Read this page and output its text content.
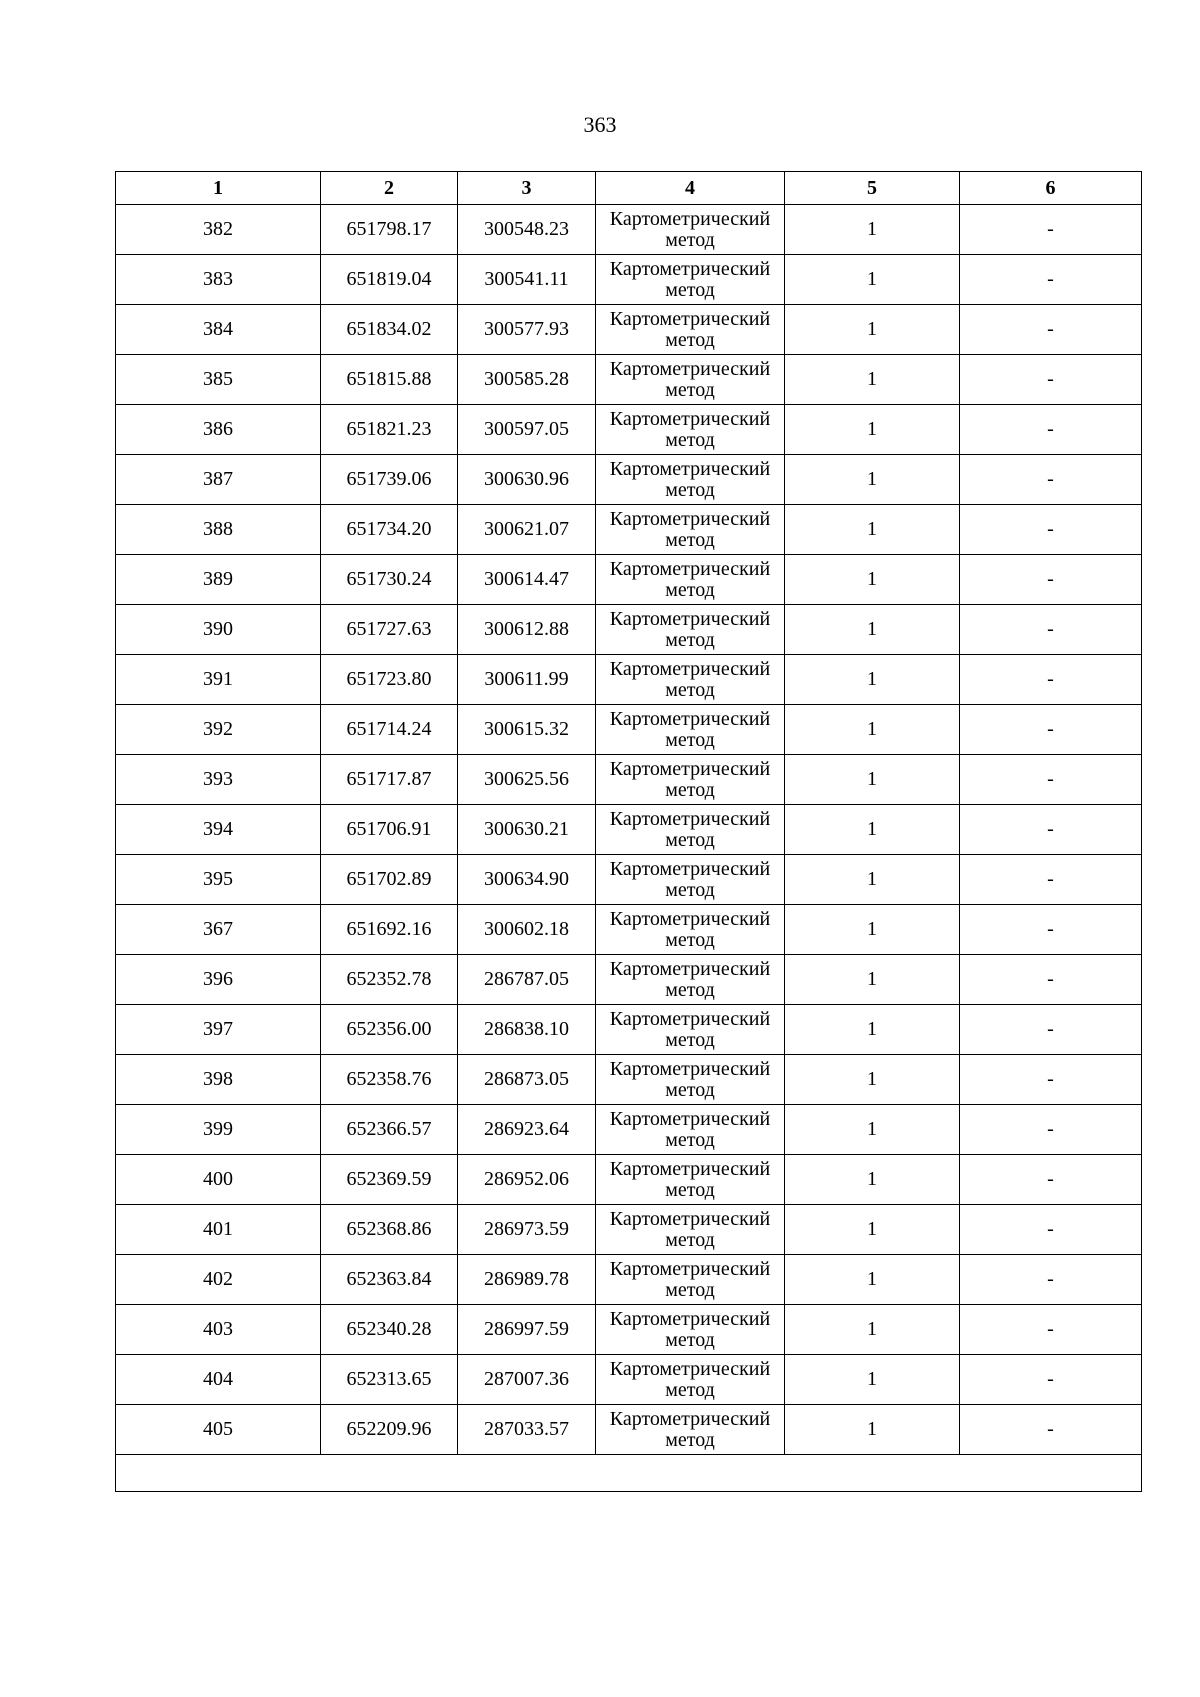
363
1	2	3	4	5	6
382	651798.17	300548.23	Картометрический метод	1	-
383	651819.04	300541.11	Картометрический метод	1	-
384	651834.02	300577.93	Картометрический метод	1	-
385	651815.88	300585.28	Картометрический метод	1	-
386	651821.23	300597.05	Картометрический метод	1	-
387	651739.06	300630.96	Картометрический метод	1	-
388	651734.20	300621.07	Картометрический метод	1	-
389	651730.24	300614.47	Картометрический метод	1	-
390	651727.63	300612.88	Картометрический метод	1	-
391	651723.80	300611.99	Картометрический метод	1	-
392	651714.24	300615.32	Картометрический метод	1	-
393	651717.87	300625.56	Картометрический метод	1	-
394	651706.91	300630.21	Картометрический метод	1	-
395	651702.89	300634.90	Картометрический метод	1	-
367	651692.16	300602.18	Картометрический метод	1	-
396	652352.78	286787.05	Картометрический метод	1	-
397	652356.00	286838.10	Картометрический метод	1	-
398	652358.76	286873.05	Картометрический метод	1	-
399	652366.57	286923.64	Картометрический метод	1	-
400	652369.59	286952.06	Картометрический метод	1	-
401	652368.86	286973.59	Картометрический метод	1	-
402	652363.84	286989.78	Картометрический метод	1	-
403	652340.28	286997.59	Картометрический метод	1	-
404	652313.65	287007.36	Картометрический метод	1	-
405	652209.96	287033.57	Картометрический метод	1	-
